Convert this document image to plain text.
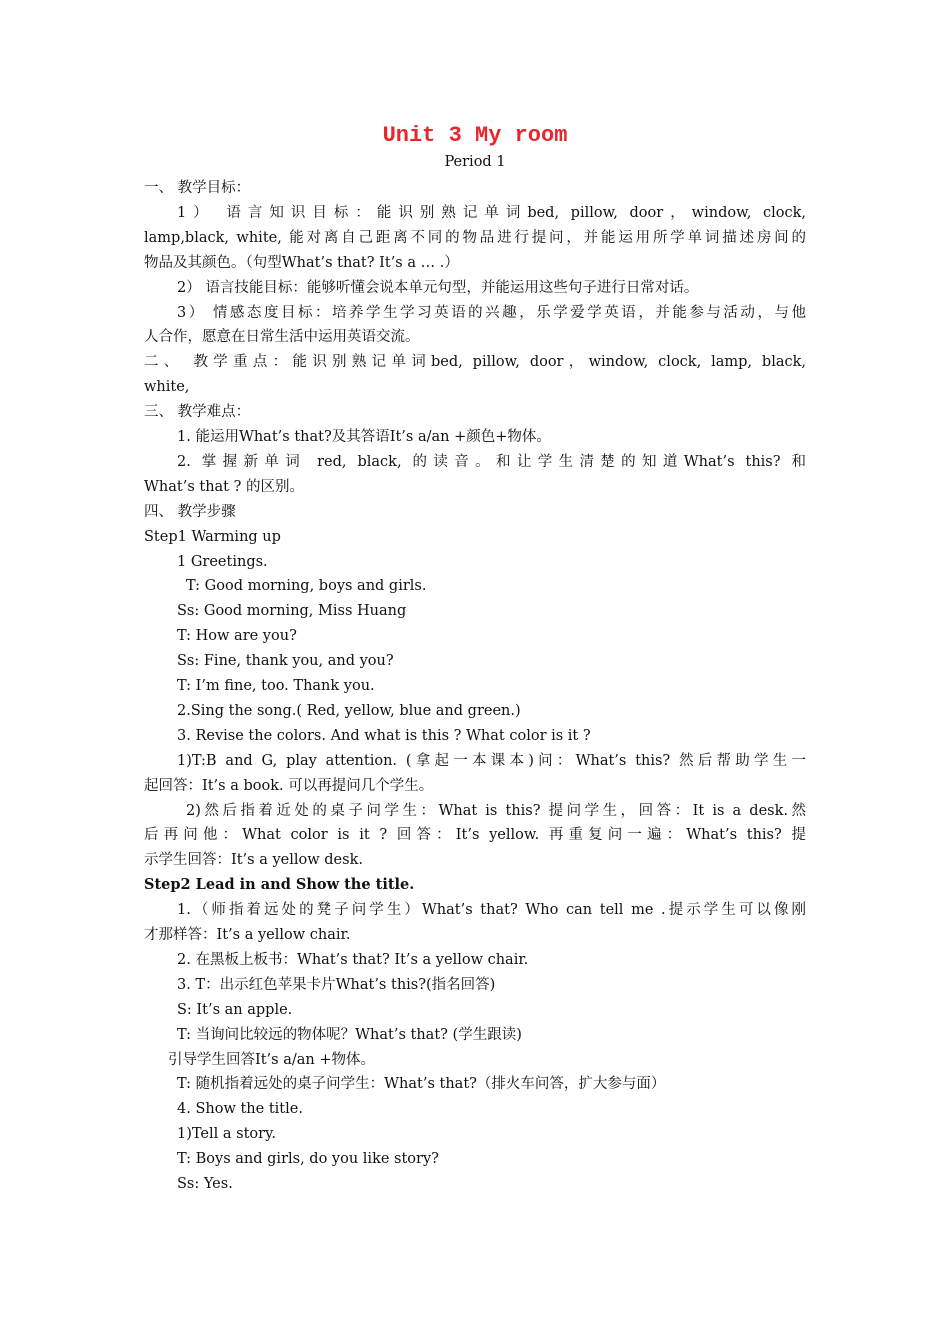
Unit 3 My room
Period 1
一、 教学目标：
1） 语言知识目标：能识别熟记单词bed, pillow, door，window, clock,
lamp,black, white, 能对离自己距离不同的物品进行提问，并能运用所学单词描述房间的
物品及其颜色。（句型What’s that? It’s a … .）
2） 语言技能目标：能够听懂会说本单元句型，并能运用这些句子进行日常对话。
3） 情感态度目标：培养学生学习英语的兴趣，乐学爱学英语，并能参与活动，与他
人合作，愿意在日常生活中运用英语交流。
二、 教学重点：能识别熟记单词bed, pillow, door，window, clock, lamp, black,
white,
三、 教学难点：
1. 能运用What’s that?及其答语It’s a/an +颜色+物体。
2. 掌握新单词 red, black, 的读音。和让学生清楚的知道What’s this? 和
What’s that ? 的区别。
四、 教学步骤
Step1 Warming up
1 Greetings.
T: Good morning, boys and girls.
Ss: Good morning, Miss Huang
T: How are you?
Ss: Fine, thank you, and you?
T: I’m fine, too. Thank you.
2.Sing the song.( Red, yellow, blue and green.)
3. Revise the colors. And what is this ? What color is it ?
1)T:B and G, play attention. (拿起一本课本)问：What’s this? 然后帮助学生一
起回答：It’s a book. 可以再提问几个学生。
2)然后指着近处的桌子问学生：What is this? 提问学生，回答：It is a desk.然
后再问他：What color is it ? 回答：It’s yellow. 再重复问一遍：What’s this? 提
示学生回答：It’s a yellow desk.
Step2 Lead in and Show the title.
1.（师指着远处的凳子问学生）What’s that? Who can tell me .提示学生可以像刚
才那样答：It’s a yellow chair.
2. 在黑板上板书：What’s that? It’s a yellow chair.
3. T：出示红色苹果卡片What’s this?(指名回答)
S: It’s an apple.
T: 当询问比较远的物体呢？What’s that? (学生跟读)
引导学生回答It’s a/an +物体。
T: 随机指着远处的桌子问学生：What’s that?（排火车问答，扩大参与面）
4. Show the title.
1)Tell a story.
T: Boys and girls, do you like story?
Ss: Yes.
